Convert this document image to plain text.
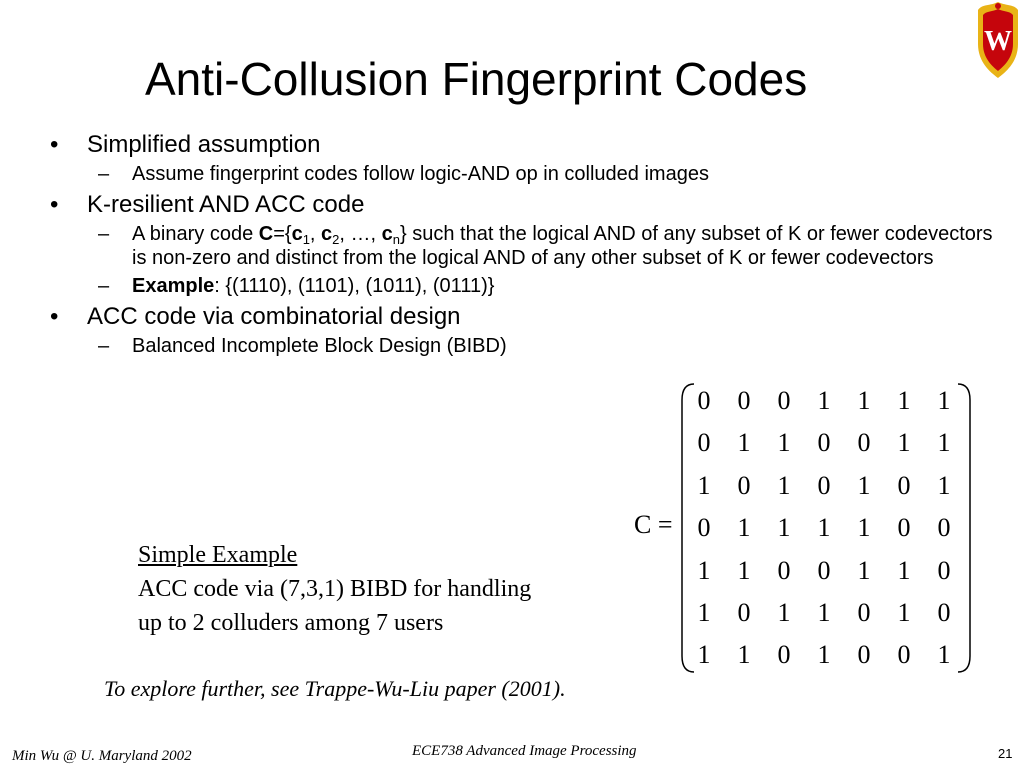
Anti-Collusion Fingerprint Codes
W
• Simplified assumption
– Assume fingerprint codes follow logic-AND op in colluded images
• K-resilient AND ACC code
– A binary code $C=\{c_1$, $c_2$, …, $c_n$} such that the logical AND of any subset of K or fewer codevectors is non-zero and distinct from the logical AND of any other subset of K or fewer codevectors
– Example: {(1110), (1101), (1011), (0111)}
• ACC code via combinatorial design
– Balanced Incomplete Block Design (BIBD)
C =
0	0	0	1	1	1	1
0	1	1	0	0	1	1
1	0	1	0	1	0	1
0	1	1	1	1	0	0
1	1	0	0	1	1	0
1	0	1	1	0	1	0
1	1	0	1	0	0	1
Simple Example
ACC code via (7,3,1) BIBD for handling
up to 2 colluders among 7 users
To explore further, see Trappe-Wu-Liu paper (2001).
Min Wu @ U. Maryland 2002	ECE738 Advanced Image Processing	21
